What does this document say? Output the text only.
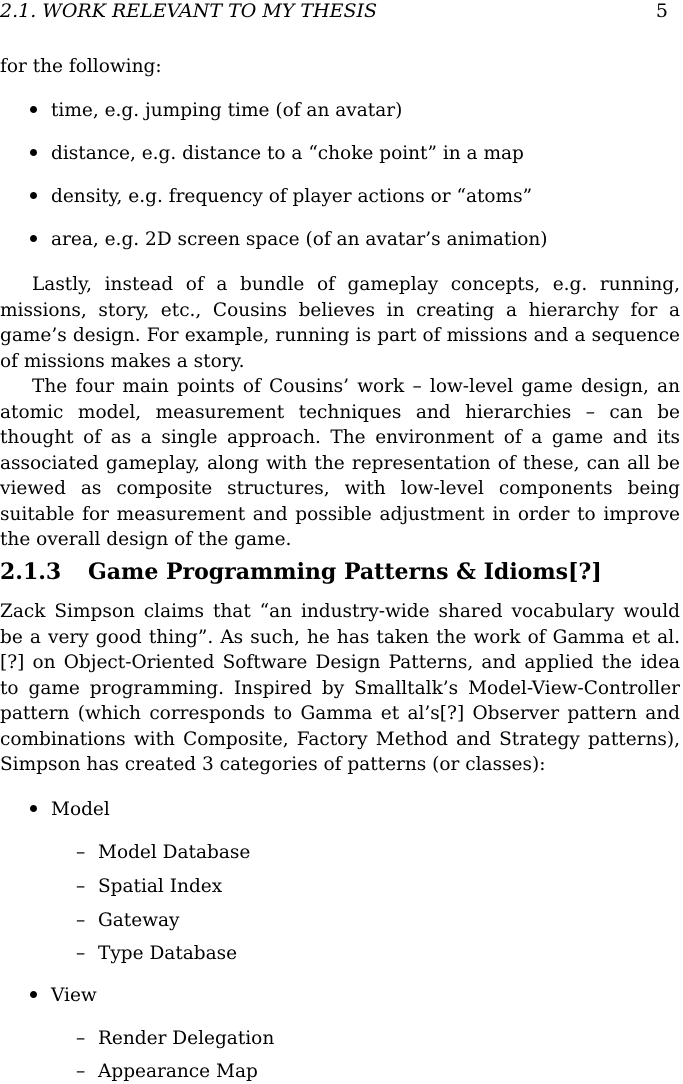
2.1. WORK RELEVANT TO MY THESIS	5

for the following:

time, e.g. jumping time (of an avatar)
distance, e.g. distance to a “choke point” in a map
density, e.g. frequency of player actions or “atoms”
area, e.g. 2D screen space (of an avatar’s animation)

Lastly, instead of a bundle of gameplay concepts, e.g. running, missions, story, etc., Cousins believes in creating a hierarchy for a game’s design. For example, running is part of missions and a sequence of missions makes a story.

The four main points of Cousins’ work – low-level game design, an atomic model, measurement techniques and hierarchies – can be thought of as a single approach. The environment of a game and its associated gameplay, along with the representation of these, can all be viewed as composite structures, with low-level components being suitable for measurement and possible adjustment in order to improve the overall design of the game.

2.1.3 Game Programming Patterns & Idioms[?]

Zack Simpson claims that “an industry-wide shared vocabulary would be a very good thing”. As such, he has taken the work of Gamma et al.[?] on Object-Oriented Software Design Patterns, and applied the idea to game programming. Inspired by Smalltalk’s Model-View-Controller pattern (which corresponds to Gamma et al’s[?] Observer pattern and combinations with Composite, Factory Method and Strategy patterns), Simpson has created 3 categories of patterns (or classes):

Model
– Model Database
– Spatial Index
– Gateway
– Type Database
View
– Render Delegation
– Appearance Map
